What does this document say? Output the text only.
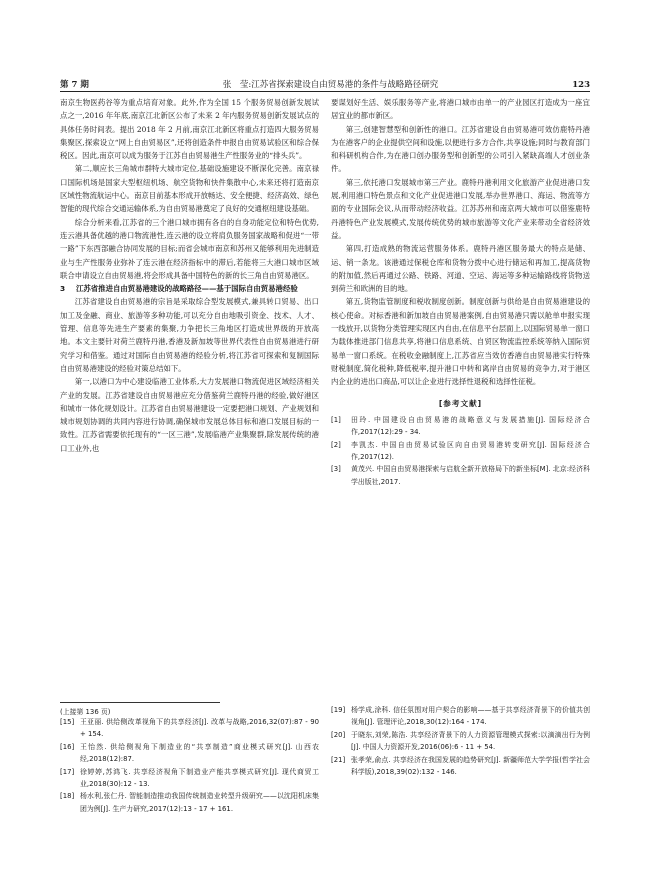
第 7 期	张　莹:江苏省探索建设自由贸易港的条件与战略路径研究	123

南京生物医药谷等为重点培育对象。此外,作为全国 15 个服务贸易创新发展试点之一,2016 年年底,南京江北新区公布了未来 2 年内服务贸易创新发展试点的具体任务时间表。提出 2018 年 2 月前,南京江北新区将重点打造四大服务贸易集聚区,探索设立“网上自由贸易区”,还将创造条件申报自由贸易试验区和综合保税区。因此,南京可以成为服务于江苏自由贸易港生产性服务业的“排头兵”。

第二,顺应长三角城市群特大城市定位,基础设施建设不断深化完善。南京禄口国际机场是国家大型枢纽机场、航空货物和快件集散中心,未来还将打造南京区域性物流航运中心。南京目前基本形成开放畅达、安全便捷、经济高效、绿色智能的现代综合交通运输体系,为自由贸易港奠定了良好的交通枢纽建设基础。

综合分析来看,江苏省的三个港口城市拥有各自的自身功能定位和特色优势,连云港具备优越的港口物流港性,连云港的设立将肩负服务国家战略和促进“一带一路”下东西部融合协同发展的目标;而省会城市南京和苏州又能够利用先进制造业与生产性服务业弥补了连云港在经济指标中的滞后,若能将三大港口城市区域联合申请设立自由贸易港,将会形成具备中国特色的新的长三角自由贸易港区。

3	江苏省推进自由贸易港建设的战略路径——基于国际自由贸易港经验

江苏省建设自由贸易港的宗旨是采取综合型发展模式,兼具转口贸易、出口加工及金融、商业、旅游等多种功能,可以充分自由地吸引资金、技术、人才、管理、信息等先进生产要素的集聚,力争把长三角地区打造成世界级的开放高地。本文主要针对荷兰鹿特丹港,香港及新加坡等世界代表性自由贸易港进行研究学习和借鉴。通过对国际自由贸易港的经验分析,将江苏省可探索和复制国际自由贸易港建设的经验对策总结如下。

第一,以港口为中心建设临港工业体系,大力发展港口物流促进区域经济相关产业的发展。江苏省建设自由贸易港应充分借鉴荷兰鹿特丹港的经验,做好港区和城市一体化规划设计。江苏省自由贸易港建设一定要把港口规划、产业规划和城市规划协调的共同内容进行协调,确保城市发展总体目标和港口发展目标的一致性。江苏省需要依托现有的“一区三港”,发展临港产业集聚群,除发展传统的港口工业外,也

要谋划好生活、娱乐服务等产业,将港口城市由单一的产业园区打造成为一座宜居宜业的都市新区。

第三,创建智慧型和创新性的港口。江苏省建设自由贸易港可效仿鹿特丹港为在港客户的企业提供空间和设施,以便进行多方合作,共享设施;同时与教育部门和科研机构合作,为在港口创办服务型和创新型的公司引入紧缺高端人才创业条件。

第三,依托港口发展城市第三产业。鹿特丹港利用文化旅游产业促进港口发展,利用港口特色景点和文化产业促进港口发展,举办世界港口、海运、物流等方面的专业国际会议,从而带动经济收益。江苏苏州和南京两大城市可以借鉴鹿特丹港特色产业发展模式,发展传统优势的城市旅游等文化产业来带动全省经济效益。

第四,打造成熟的物流运营服务体系。鹿特丹港区服务最大的特点是储、运、销一条龙。该港通过保税仓库和货物分拨中心进行储运和再加工,提高货物的附加值,然后再通过公路、铁路、河道、空运、海运等多种运输路线将货物送到荷兰和欧洲的目的地。

第五,货物监管制度和税收制度创新。制度创新与供给是自由贸易港建设的核心使命。对标香港和新加坡自由贸易港案例,自由贸易港只需以舱单申报实现一线放开,以货物分类管理实现区内自由,在信息平台层面上,以国际贸易单一窗口为载体推进部门信息共享,将港口信息系统、自贸区物流监控系统等纳入国际贸易单一窗口系统。在税收金融制度上,江苏省应当效仿香港自由贸易港实行特殊财税制度,简化税种,降低税率,提升港口中转和离岸自由贸易的竞争力,对于港区内企业的进出口商品,可以让企业进行选择性退税和选择性征税。

[参考文献]
[1]	田玲. 中国建设自由贸易港的战略意义与发展措施[J]. 国际经济合作,2017(12):29 - 34.
[2]	李凯杰. 中国自由贸易试验区向自由贸易港转变研究[J]. 国际经济合作,2017(12).
[3]	黄茂兴. 中国自由贸易港探索与启航全新开放格局下的新坐标[M]. 北京:经济科学出版社,2017.
(上接第 136 页)
[15] 王亚丽. 供给侧改革视角下的共享经济[J]. 改革与战略,2016,32(07):87 - 90 + 154.
[16] 王怡然. 供给侧视角下制造业的“共享制造”商业模式研究[J]. 山西农经,2018(12):87.
[17] 徐婷婷,苏鸿飞. 共享经济视角下制造业产能共享模式研究[J]. 现代商贸工业,2018(30):12 - 13.
[18] 杨水利,张仁丹. 智能制造推动我国传统制造业转型升级研究——以沈阳机床集团为例[J]. 生产力研究,2017(12):13 - 17 + 161.
[19] 杨学成,涂科. 信任氛围对用户契合的影响——基于共享经济背景下的价值共创视角[J]. 管理评论,2018,30(12):164 - 174.
[20] 于晓东,刘荣,陈浩. 共享经济背景下的人力资源管理模式探索:以滴滴出行为例[J]. 中国人力资源开发,2016(06):6 - 11 + 54.
[21] 张孝荣,俞点. 共享经济在我国发展的趋势研究[J]. 新疆师范大学学报(哲学社会科学版),2018,39(02):132 - 146.
